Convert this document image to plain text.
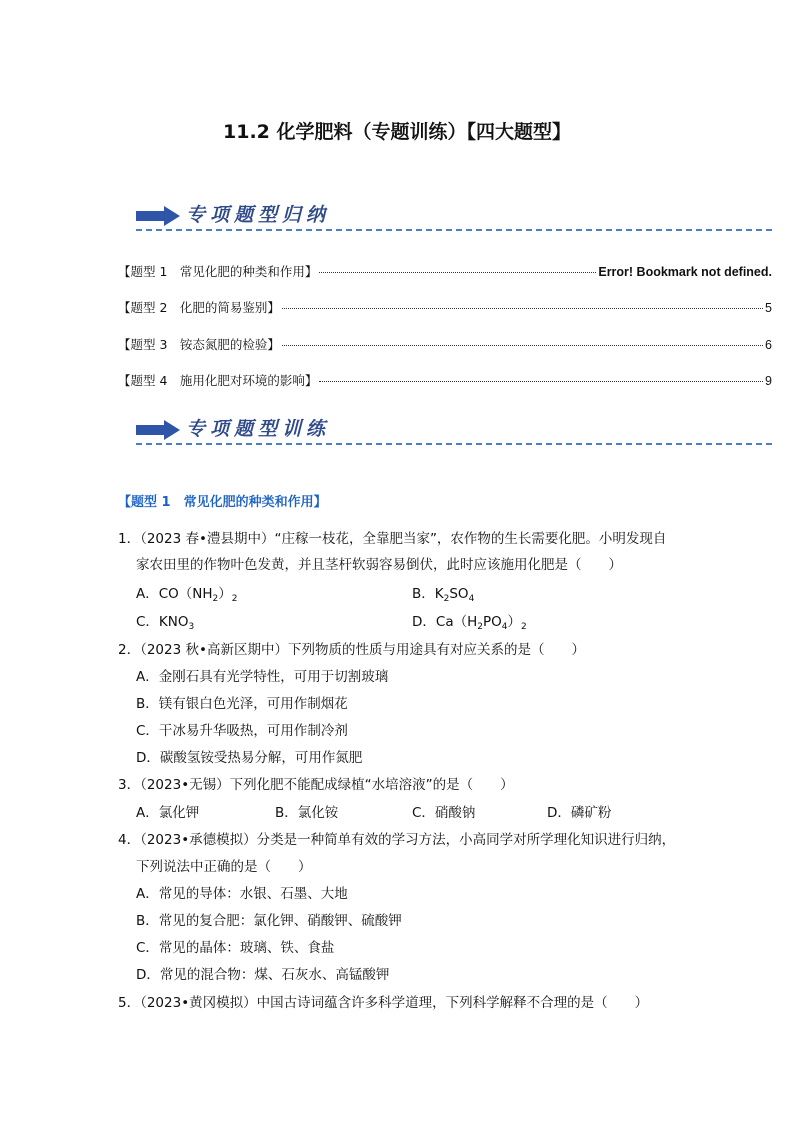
11.2 化学肥料（专题训练）【四大题型】
专项题型归纳
【题型 1　常见化肥的种类和作用】	Error! Bookmark not defined.
【题型 2　化肥的简易鉴别】	5
【题型 3　铵态氮肥的检验】	6
【题型 4　施用化肥对环境的影响】	9
专项题型训练
【题型 1　常见化肥的种类和作用】
1．（2023 春•澧县期中）“庄稼一枝花，全靠肥当家”，农作物的生长需要化肥。小明发现自
家农田里的作物叶色发黄，并且茎杆软弱容易倒伏，此时应该施用化肥是（　　）
A．$CO(NH_2)_2$	B．$K_2SO_4$
C．$KNO_3$	D．$Ca(H_2PO_4)_2$
2．（2023 秋•高新区期中）下列物质的性质与用途具有对应关系的是（　　）
A．金刚石具有光学特性，可用于切割玻璃
B．镁有银白色光泽，可用作制烟花
C．干冰易升华吸热，可用作制冷剂
D．碳酸氢铵受热易分解，可用作氮肥
3．（2023•无锡）下列化肥不能配成绿植“水培溶液”的是（　　）
A．氯化钾	B．氯化铵	C．硝酸钠	D．磷矿粉
4．（2023•承德模拟）分类是一种简单有效的学习方法，小高同学对所学理化知识进行归纳，
下列说法中正确的是（　　）
A．常见的导体：水银、石墨、大地
B．常见的复合肥：氯化钾、硝酸钾、硫酸钾
C．常见的晶体：玻璃、铁、食盐
D．常见的混合物：煤、石灰水、高锰酸钾
5．（2023•黄冈模拟）中国古诗词蕴含许多科学道理，下列科学解释不合理的是（　　）
